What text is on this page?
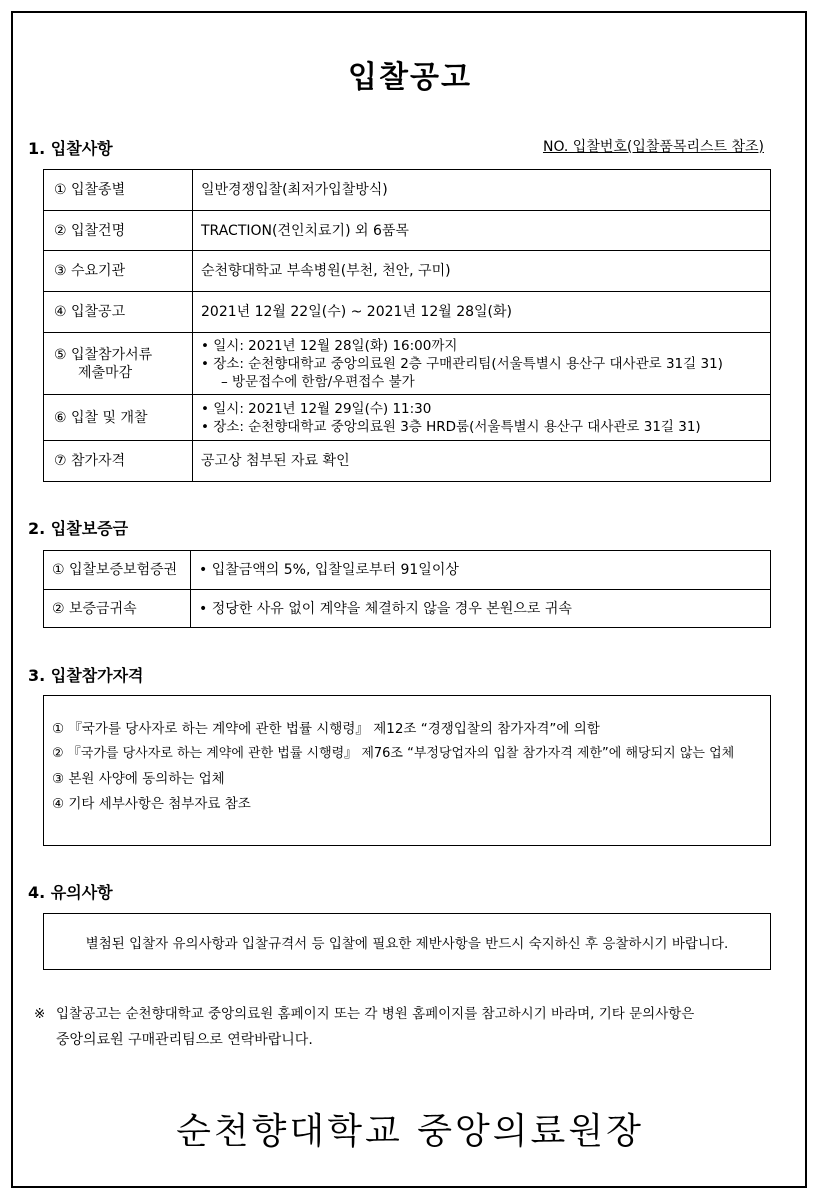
입찰공고
1. 입찰사항	NO. 입찰번호(입찰품목리스트 참조)
① 입찰종별	일반경쟁입찰(최저가입찰방식)
② 입찰건명	TRACTION(견인치료기) 외 6품목
③ 수요기관	순천향대학교 부속병원(부천, 천안, 구미)
④ 입찰공고	2021년 12월 22일(수) ~ 2021년 12월 28일(화)

⑤ 입찰참가서류
제출마감	• 일시: 2021년 12월 28일(화) 16:00까지
• 장소: 순천향대학교 중앙의료원 2층 구매관리팀(서울특별시 용산구 대사관로 31길 31)
– 방문접수에 한함/우편접수 불가

⑥ 입찰 및 개찰	• 일시: 2021년 12월 29일(수) 11:30
• 장소: 순천향대학교 중앙의료원 3층 HRD룸(서울특별시 용산구 대사관로 31길 31)

⑦ 참가자격	공고상 첨부된 자료 확인
2. 입찰보증금
① 입찰보증보험증권	• 입찰금액의 5%, 입찰일로부터 91일이상
② 보증금귀속	• 정당한 사유 없이 계약을 체결하지 않을 경우 본원으로 귀속
3. 입찰참가자격
① 『국가를 당사자로 하는 계약에 관한 법률 시행령』 제12조 “경쟁입찰의 참가자격”에 의함
② 『국가를 당사자로 하는 계약에 관한 법률 시행령』 제76조 “부정당업자의 입찰 참가자격 제한”에 해당되지 않는 업체
③ 본원 사양에 동의하는 업체
④ 기타 세부사항은 첨부자료 참조
4. 유의사항
별첨된 입찰자 유의사항과 입찰규격서 등 입찰에 필요한 제반사항을 반드시 숙지하신 후 응찰하시기 바랍니다.
※ 입찰공고는 순천향대학교 중앙의료원 홈페이지 또는 각 병원 홈페이지를 참고하시기 바라며, 기타 문의사항은
중앙의료원 구매관리팀으로 연락바랍니다.
순천향대학교 중앙의료원장
